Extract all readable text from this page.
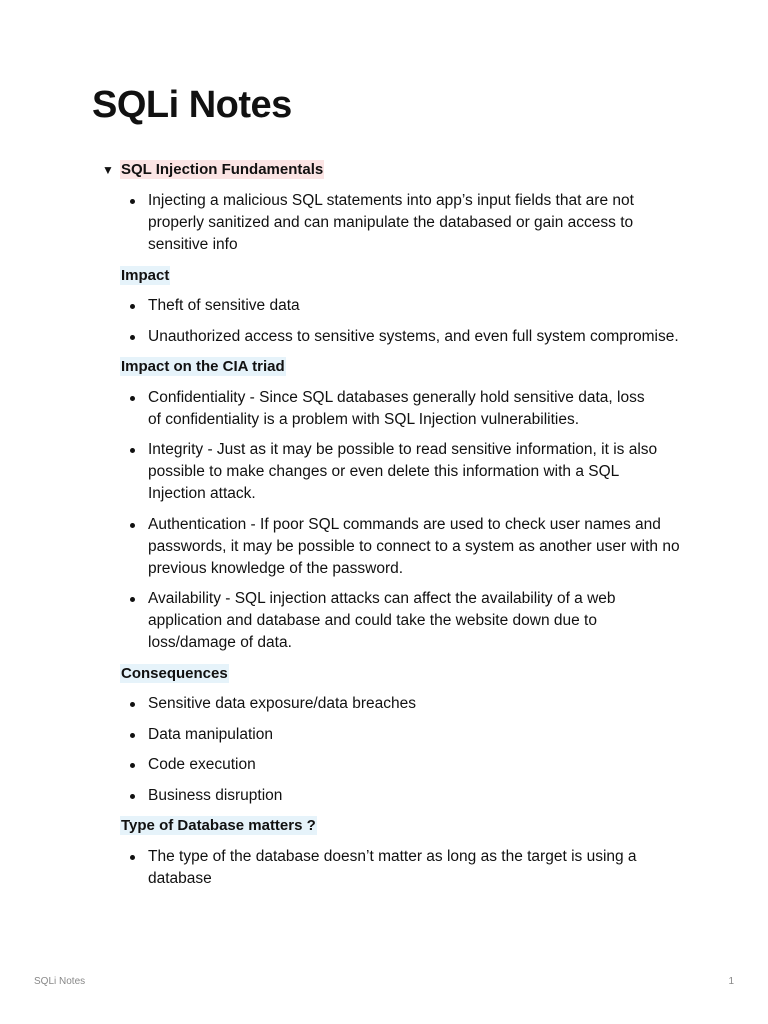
SQLi Notes
▼ SQL Injection Fundamentals
Injecting a malicious SQL statements into app’s input fields that are not properly sanitized and can manipulate the databased or gain access to sensitive info
Impact
Theft of sensitive data
Unauthorized access to sensitive systems, and even full system compromise.
Impact on the CIA triad
Confidentiality - Since SQL databases generally hold sensitive data, loss
of confidentiality is a problem with SQL Injection vulnerabilities.
Integrity - Just as it may be possible to read sensitive information, it is also possible to make changes or even delete this information with a SQL Injection attack.
Authentication - If poor SQL commands are used to check user names and passwords, it may be possible to connect to a system as another user with no previous knowledge of the password.
Availability - SQL injection attacks can affect the availability of a web application and database and could take the website down due to loss/damage of data.
Consequences
Sensitive data exposure/data breaches
Data manipulation
Code execution
Business disruption
Type of Database matters ?
The type of the database doesn’t matter as long as the target is using a database
SQLi Notes	1
